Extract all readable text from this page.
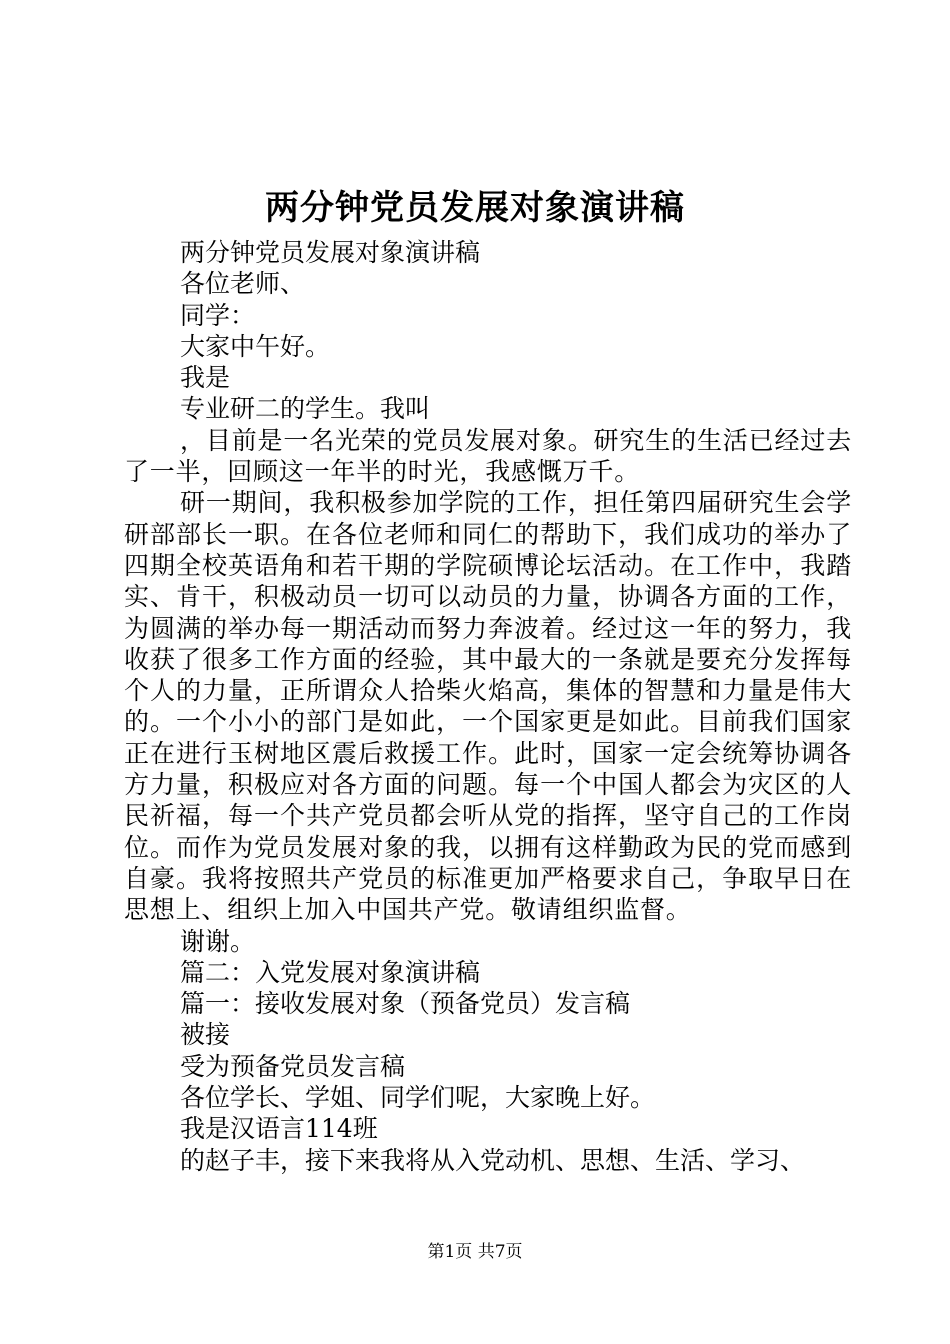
两分钟党员发展对象演讲稿

两分钟党员发展对象演讲稿

各位老师、

同学：

大家中午好。

我是

专业研二的学生。我叫

，目前是一名光荣的党员发展对象。研究生的生活已经过去了一半，回顾这一年半的时光，我感慨万千。

研一期间，我积极参加学院的工作，担任第四届研究生会学研部部长一职。在各位老师和同仁的帮助下，我们成功的举办了四期全校英语角和若干期的学院硕博论坛活动。在工作中，我踏实、肯干，积极动员一切可以动员的力量，协调各方面的工作，为圆满的举办每一期活动而努力奔波着。经过这一年的努力，我收获了很多工作方面的经验，其中最大的一条就是要充分发挥每个人的力量，正所谓众人拾柴火焰高，集体的智慧和力量是伟大的。一个小小的部门是如此，一个国家更是如此。目前我们国家正在进行玉树地区震后救援工作。此时，国家一定会统筹协调各方力量，积极应对各方面的问题。每一个中国人都会为灾区的人民祈福，每一个共产党员都会听从党的指挥，坚守自己的工作岗位。而作为党员发展对象的我，以拥有这样勤政为民的党而感到自豪。我将按照共产党员的标准更加严格要求自己，争取早日在思想上、组织上加入中国共产党。敬请组织监督。

谢谢。

篇二：入党发展对象演讲稿

篇一：接收发展对象（预备党员）发言稿

被接

受为预备党员发言稿

各位学长、学姐、同学们呢，大家晚上好。

我是汉语言114班

的赵子丰，接下来我将从入党动机、思想、生活、学习、

第1页 共7页
